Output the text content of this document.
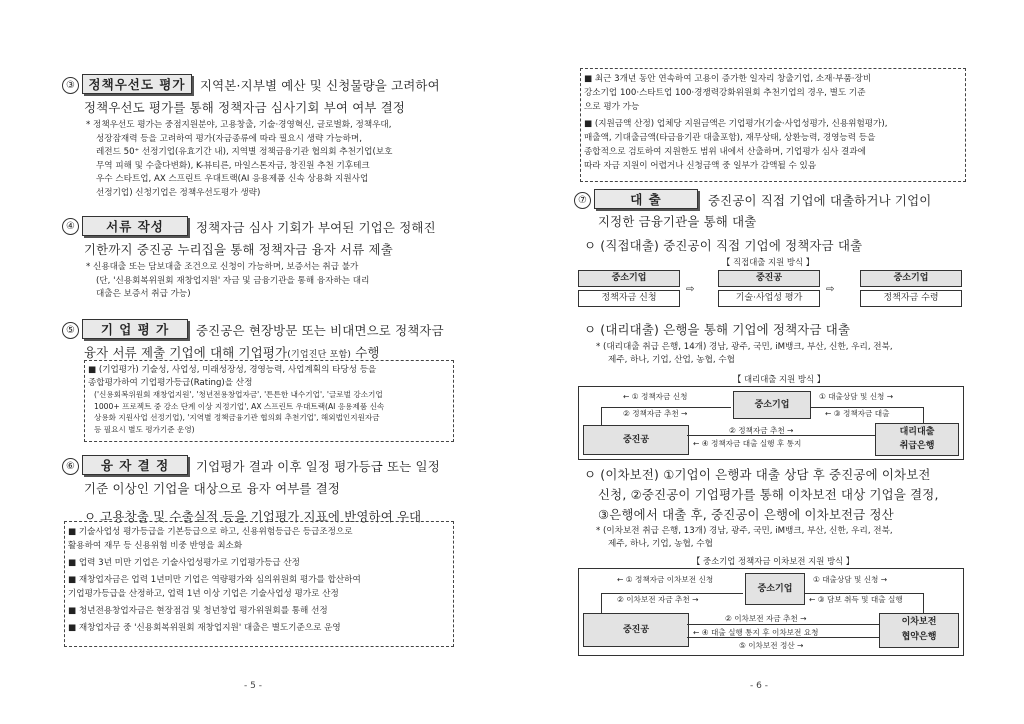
③	정책우선도 평가	지역본·지부별 예산 및 신청물량을 고려하여
정책우선도 평가를 통해 정책자금 심사기회 부여 여부 결정
* 정책우선도 평가는 중점지원분야, 고용창출, 기술·경영혁신, 글로벌화, 정책우대,
성장잠재력 등을 고려하여 평가(자금종류에 따라 필요시 생략 가능하며,
레전드 50⁺ 선정기업(유효기간 내), 지역별 정책금융기관 협의회 추천기업(보호
무역 피해 및 수출다변화), K-뷰티른, 마일스톤자금, 창진원 추천 기후테크
우수 스타트업, AX 스프린트 우대트랙(AI 응용제품 신속 상용화 지원사업
선정기업) 신청기업은 정책우선도평가 생략)
④	서류 작성	정책자금 심사 기회가 부여된 기업은 정해진
기한까지 중진공 누리집을 통해 정책자금 융자 서류 제출
* 신용대출 또는 담보대출 조건으로 신청이 가능하며, 보증서는 취급 불가
(단, '신용회복위원회 재창업지원' 자금 및 금융기관을 통해 융자하는 대리
대출은 보증서 취급 가능)
⑤	기 업 평 가	중진공은 현장방문 또는 비대면으로 정책자금
융자 서류 제출 기업에 대해 기업평가(기업진단 포함) 수행
■ (기업평가) 기술성, 사업성, 미래성장성, 경영능력, 사업계획의 타당성 등을
종합평가하여 기업평가등급(Rating)을 산정
('신용회복위원회 재창업지원', '청년전용창업자금', '튼튼한 내수기업', '글로벌 강소기업
1000+ 프로젝트 중 강소 단계 이상 지정기업', AX 스프린트 우대트랙(AI 응용제품 신속
상용화 지원사업 선정기업), '지역별 정책금융기관 협의회 추천기업', 해외법인지원자금
등 필요시 별도 평가기준 운영)
⑥	융 자 결 정	기업평가 결과 이후 일정 평가등급 또는 일정
기준 이상인 기업을 대상으로 융자 여부를 결정
ㅇ 고용창출 및 수출실적 등을 기업평가 지표에 반영하여 우대
■ 기술사업성 평가등급을 기본등급으로 하고, 신용위험등급은 등급조정으로
활용하여 재무 등 신용위험 비중 반영을 최소화
■ 업력 3년 미만 기업은 기술사업성평가로 기업평가등급 산정
■ 재창업자금은 업력 1년미만 기업은 역량평가와 심의위원회 평가를 합산하여
기업평가등급을 산정하고, 업력 1년 이상 기업은 기술사업성 평가로 산정
■ 청년전용창업자금은 현장점검 및 청년창업 평가위원회를 통해 선정
■ 재창업자금 중 '신용회복위원회 재창업지원' 대출은 별도기준으로 운영
- 5 -
■ 최근 3개년 동안 연속하여 고용이 증가한 일자리 창출기업, 소재·부품·장비
강소기업 100·스타트업 100·경쟁력강화위원회 추천기업의 경우, 별도 기준
으로 평가 가능
■ (지원금액 산정) 업체당 지원금액은 기업평가(기술·사업성평가, 신용위험평가),
매출액, 기대출금액(타금융기관 대출포함), 재무상태, 상환능력, 경영능력 등을
종합적으로 검토하여 지원한도 범위 내에서 산출하며, 기업평가 심사 결과에
따라 자금 지원이 어렵거나 신청금액 중 일부가 감액될 수 있음
⑦	대 출	중진공이 직접 기업에 대출하거나 기업이
지정한 금융기관을 통해 대출
ㅇ (직접대출) 중진공이 직접 기업에 정책자금 대출
【 직접대출 지원 방식 】
중소기업
정책자금 신청
⇨
중진공
기술·사업성 평가
⇨
중소기업
정책자금 수령
ㅇ (대리대출) 은행을 통해 기업에 정책자금 대출
* (대리대출 취급 은행, 14개) 경남, 광주, 국민, iM뱅크, 부산, 신한, 우리, 전북,
제주, 하나, 기업, 산업, 농협, 수협
【 대리대출 지원 방식 】
중소기업
중진공
대리대출
취급은행
← ① 정책자금 신청
② 정책자금 추천 →
① 대출상담 및 신청 →
← ③ 정책자금 대출
② 정책자금 추천 →
← ④ 정책자금 대출 실행 후 통지
ㅇ (이차보전) ①기업이 은행과 대출 상담 후 중진공에 이차보전
신청, ②중진공이 기업평가를 통해 이차보전 대상 기업을 결정,
③은행에서 대출 후, 중진공이 은행에 이차보전금 정산
* (이차보전 취급 은행, 13개) 경남, 광주, 국민, iM뱅크, 부산, 신한, 우리, 전북,
제주, 하나, 기업, 농협, 수협
【 중소기업 정책자금 이차보전 지원 방식 】
중소기업
중진공
이차보전
협약은행
← ① 정책자금 이차보전 신청
② 이차보전 자금 추천 →
① 대출상담 및 신청 →
← ③ 담보 취득 및 대출 실행
② 이차보전 자금 추천 →
← ④ 대출 실행 통지 후 이차보전 요청
⑤ 이차보전 정산 →
- 6 -
